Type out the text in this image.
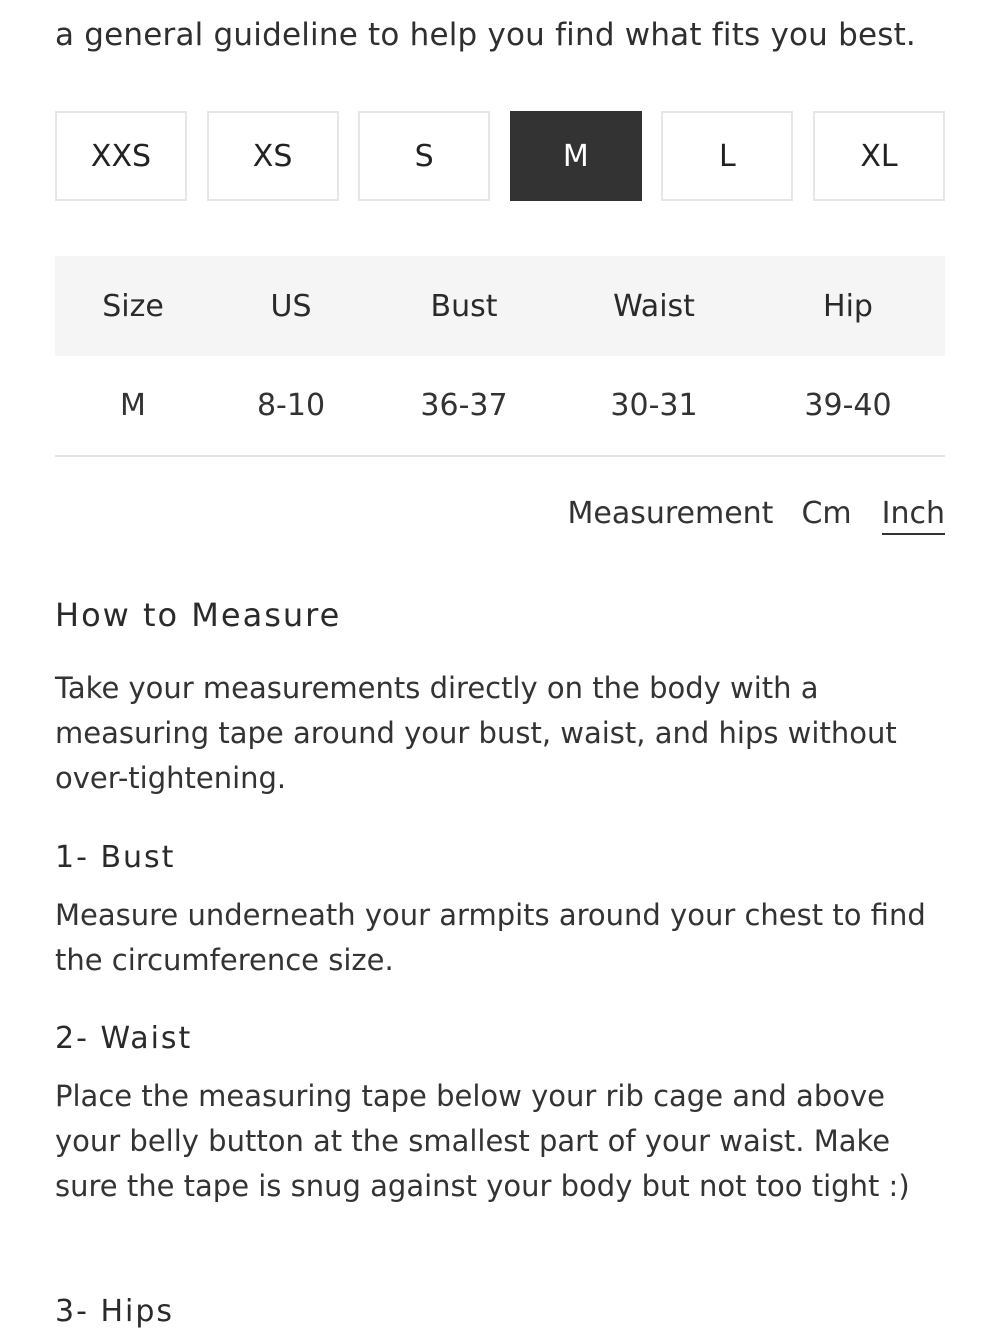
a general guideline to help you find what fits you best.
XXS	XS	S	M	L	XL
Size	US	Bust	Waist	Hip
M	8-10	36-37	30-31	39-40
Measurement Cm Inch
How to Measure
Take your measurements directly on the body with a measuring tape around your bust, waist, and hips without over-tightening.
1- Bust
Measure underneath your armpits around your chest to find the circumference size.
2- Waist
Place the measuring tape below your rib cage and above your belly button at the smallest part of your waist. Make sure the tape is snug against your body but not too tight :)
3- Hips
